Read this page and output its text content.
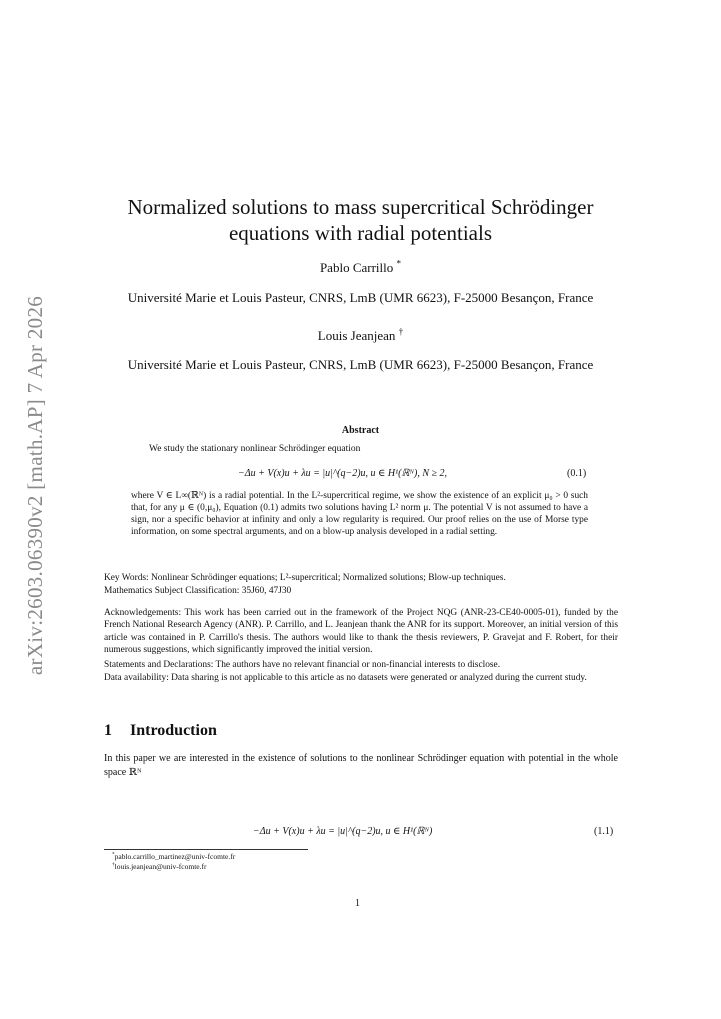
arXiv:2603.06390v2 [math.AP] 7 Apr 2026
Normalized solutions to mass supercritical Schrödinger
equations with radial potentials
Pablo Carrillo *
Université Marie et Louis Pasteur, CNRS, LmB (UMR 6623), F-25000 Besançon, France
Louis Jeanjean †
Université Marie et Louis Pasteur, CNRS, LmB (UMR 6623), F-25000 Besançon, France
Abstract
We study the stationary nonlinear Schrödinger equation
−Δu + V(x)u + λu = |u|^(q−2)u, u ∈ H¹(ℝᴺ), N ≥ 2,	(0.1)
where V ∈ L∞(ℝᴺ) is a radial potential. In the L²-supercritical regime, we show the existence of an explicit μ₀ > 0 such that, for any μ ∈ (0,μ₀), Equation (0.1) admits two solutions having L² norm μ. The potential V is not assumed to have a sign, nor a specific behavior at infinity and only a low regularity is required. Our proof relies on the use of Morse type information, on some spectral arguments, and on a blow-up analysis developed in a radial setting.
Key Words: Nonlinear Schrödinger equations; L²-supercritical; Normalized solutions; Blow-up techniques.
Mathematics Subject Classification: 35J60, 47J30
Acknowledgements: This work has been carried out in the framework of the Project NQG (ANR-23-CE40-0005-01), funded by the French National Research Agency (ANR). P. Carrillo, and L. Jeanjean thank the ANR for its support. Moreover, an initial version of this article was contained in P. Carrillo's thesis. The authors would like to thank the thesis reviewers, P. Gravejat and F. Robert, for their numerous suggestions, which significantly improved the initial version.
Statements and Declarations: The authors have no relevant financial or non-financial interests to disclose.
Data availability: Data sharing is not applicable to this article as no datasets were generated or analyzed during the current study.
1 Introduction
In this paper we are interested in the existence of solutions to the nonlinear Schrödinger equation with potential in the whole space ℝᴺ
−Δu + V(x)u + λu = |u|^(q−2)u, u ∈ H¹(ℝᴺ)	(1.1)
*pablo.carrillo_martinez@univ-fcomte.fr
†louis.jeanjean@univ-fcomte.fr
1
